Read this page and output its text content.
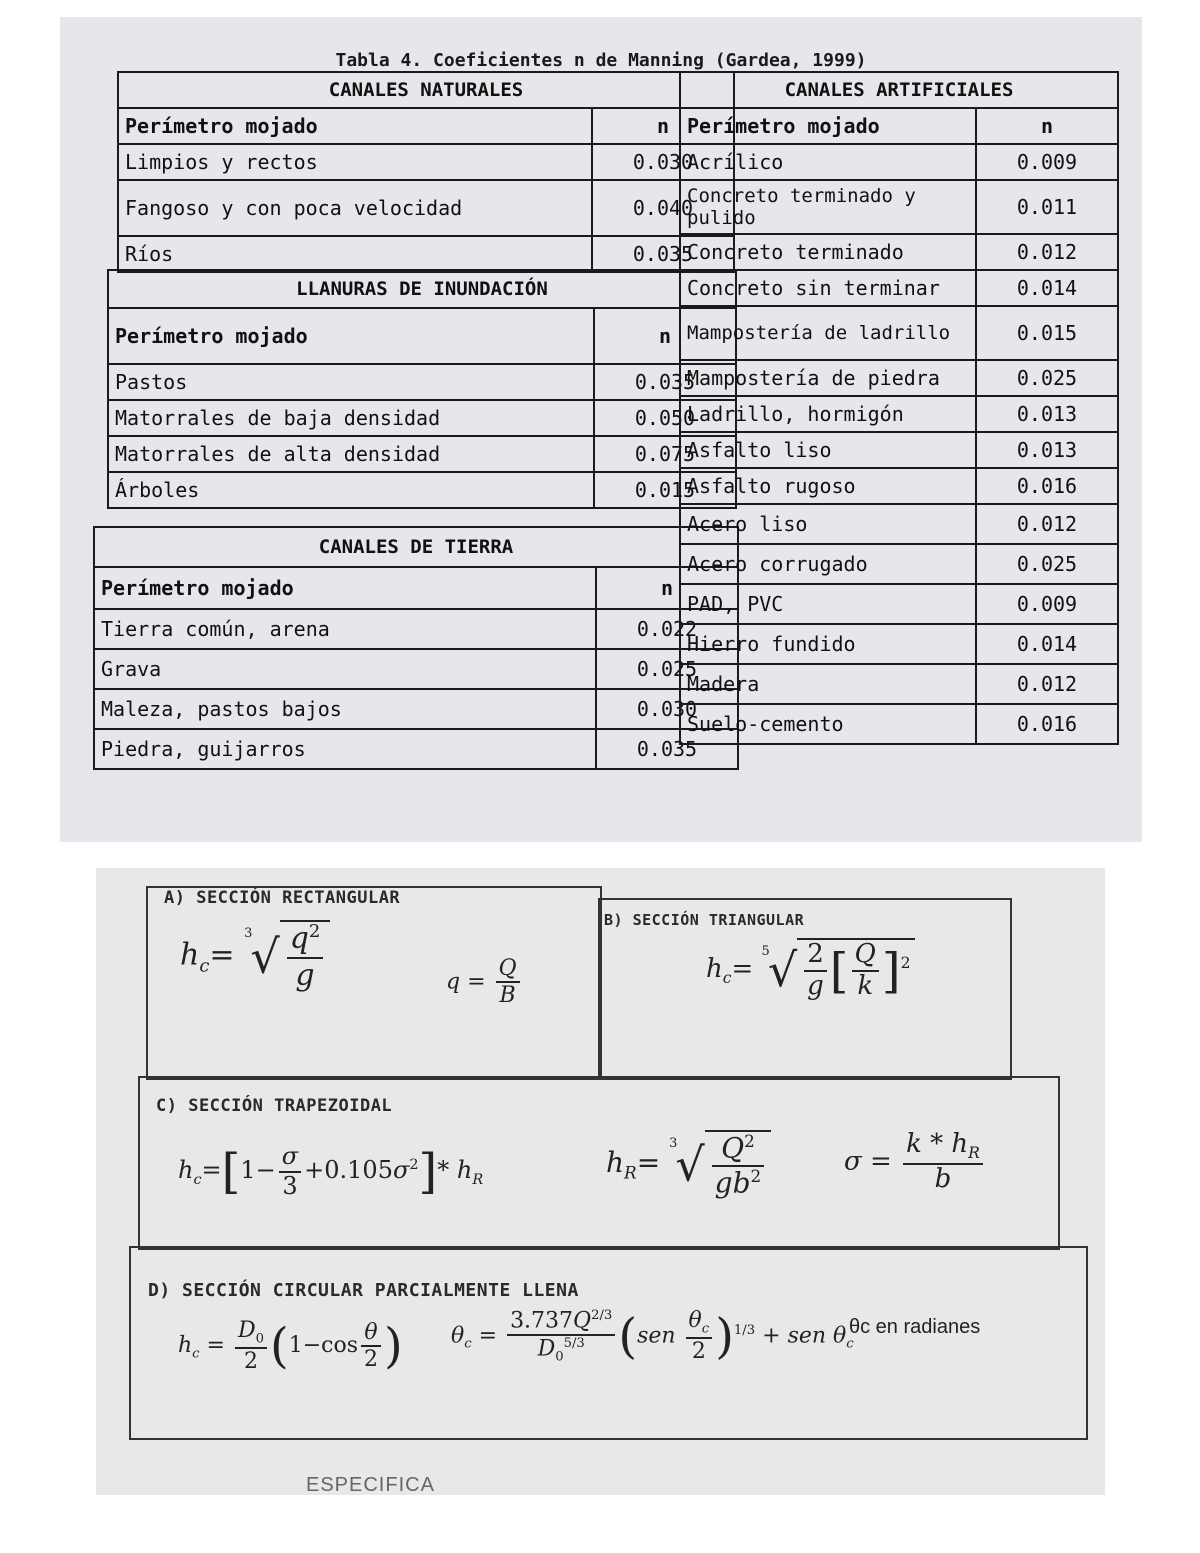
Tabla 4. Coeficientes n de Manning (Gardea, 1999)
CANALES NATURALES	
Perímetro mojado	n
Limpios y rectos	0.030
Fangoso y con poca velocidad	0.040
Ríos	0.035
LLANURAS DE INUNDACIÓN	
Perímetro mojado	n
Pastos	0.035
Matorrales de baja densidad	0.050
Matorrales de alta densidad	0.075
Árboles	0.015
CANALES DE TIERRA	
Perímetro mojado	n
Tierra común, arena	0.022
Grava	0.025
Maleza, pastos bajos	0.030
Piedra, guijarros	0.035
CANALES ARTIFICIALES	
Perímetro mojado	n
Acrílico	0.009
Concreto terminado y pulido	0.011
Concreto terminado	0.012
Concreto sin terminar	0.014
Mampostería de ladrillo	0.015
Mampostería de piedra	0.025
Ladrillo, hormigón	0.013
Asfalto liso	0.013
Asfalto rugoso	0.016
Acero liso	0.012
Acero corrugado	0.025
PAD, PVC	0.009
Hierro fundido	0.014
Madera	0.012
Suelo-cemento	0.016
A) SECCIÓN RECTANGULAR
B) SECCIÓN TRIANGULAR
C) SECCIÓN TRAPEZOIDAL
D) SECCIÓN CIRCULAR PARCIALMENTE LLENA
$h_c= ^3√ \frac{q^2}{g}$	$q = \frac{Q}{B}$	$h_c= ^5√ \frac{2}{g}$ [ $\frac{Q}{k} ]^2$
$h_c=[1- \frac{\sigma}{3} +0.105\sigma^2]*$ $h_R$
$h_R= ^3√ \frac{Q^2}{gb^2}$	$\sigma = \frac{k * h_R}{b}$
$h_c = \frac{D_0}{2} (1-\cos \frac{\theta}{2}$ ) $\theta_c = \frac{3.737Q^{2/3}}{D_0^{5/3}} (sen \frac{\theta_c}{2} )^{1/3}$ + sen $\theta_c$
θc en radianes
ESPECIFICA
